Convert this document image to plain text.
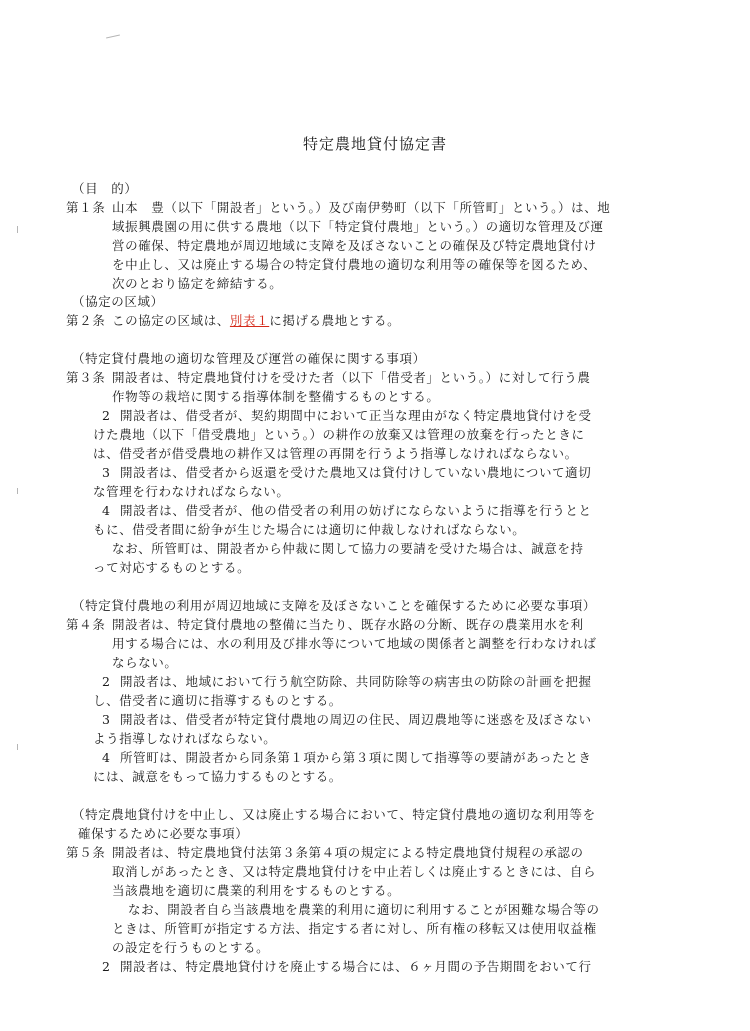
特定農地貸付協定書
（目　的）
第１条 山本　豊（以下「開設者」という。）及び南伊勢町（以下「所管町」という。）は、地
域振興農園の用に供する農地（以下「特定貸付農地」という。）の適切な管理及び運
営の確保、特定農地が周辺地域に支障を及ぼさないことの確保及び特定農地貸付け
を中止し、又は廃止する場合の特定貸付農地の適切な利用等の確保等を図るため、
次のとおり協定を締結する。
（協定の区域）
第２条 この協定の区域は、別表１に掲げる農地とする。
（特定貸付農地の適切な管理及び運営の確保に関する事項）
第３条 開設者は、特定農地貸付けを受けた者（以下「借受者」という。）に対して行う農
作物等の栽培に関する指導体制を整備するものとする。
2 開設者は、借受者が、契約期間中において正当な理由がなく特定農地貸付けを受
けた農地（以下「借受農地」という。）の耕作の放棄又は管理の放棄を行ったときに
は、借受者が借受農地の耕作又は管理の再開を行うよう指導しなければならない。
3 開設者は、借受者から返還を受けた農地又は貸付けしていない農地について適切
な管理を行わなければならない。
4 開設者は、借受者が、他の借受者の利用の妨げにならないように指導を行うとと
もに、借受者間に紛争が生じた場合には適切に仲裁しなければならない。
なお、所管町は、開設者から仲裁に関して協力の要請を受けた場合は、誠意を持
って対応するものとする。
（特定貸付農地の利用が周辺地域に支障を及ぼさないことを確保するために必要な事項）
第４条 開設者は、特定貸付農地の整備に当たり、既存水路の分断、既存の農業用水を利
用する場合には、水の利用及び排水等について地域の関係者と調整を行わなければ
ならない。
2 開設者は、地域において行う航空防除、共同防除等の病害虫の防除の計画を把握
し、借受者に適切に指導するものとする。
3 開設者は、借受者が特定貸付農地の周辺の住民、周辺農地等に迷惑を及ぼさない
よう指導しなければならない。
4 所管町は、開設者から同条第１項から第３項に関して指導等の要請があったとき
には、誠意をもって協力するものとする。
（特定農地貸付けを中止し、又は廃止する場合において、特定貸付農地の適切な利用等を
確保するために必要な事項）
第５条 開設者は、特定農地貸付法第３条第４項の規定による特定農地貸付規程の承認の
取消しがあったとき、又は特定農地貸付けを中止若しくは廃止するときには、自ら
当該農地を適切に農業的利用をするものとする。
なお、開設者自ら当該農地を農業的利用に適切に利用することが困難な場合等の
ときは、所管町が指定する方法、指定する者に対し、所有権の移転又は使用収益権
の設定を行うものとする。
2 開設者は、特定農地貸付けを廃止する場合には、６ヶ月間の予告期間をおいて行
